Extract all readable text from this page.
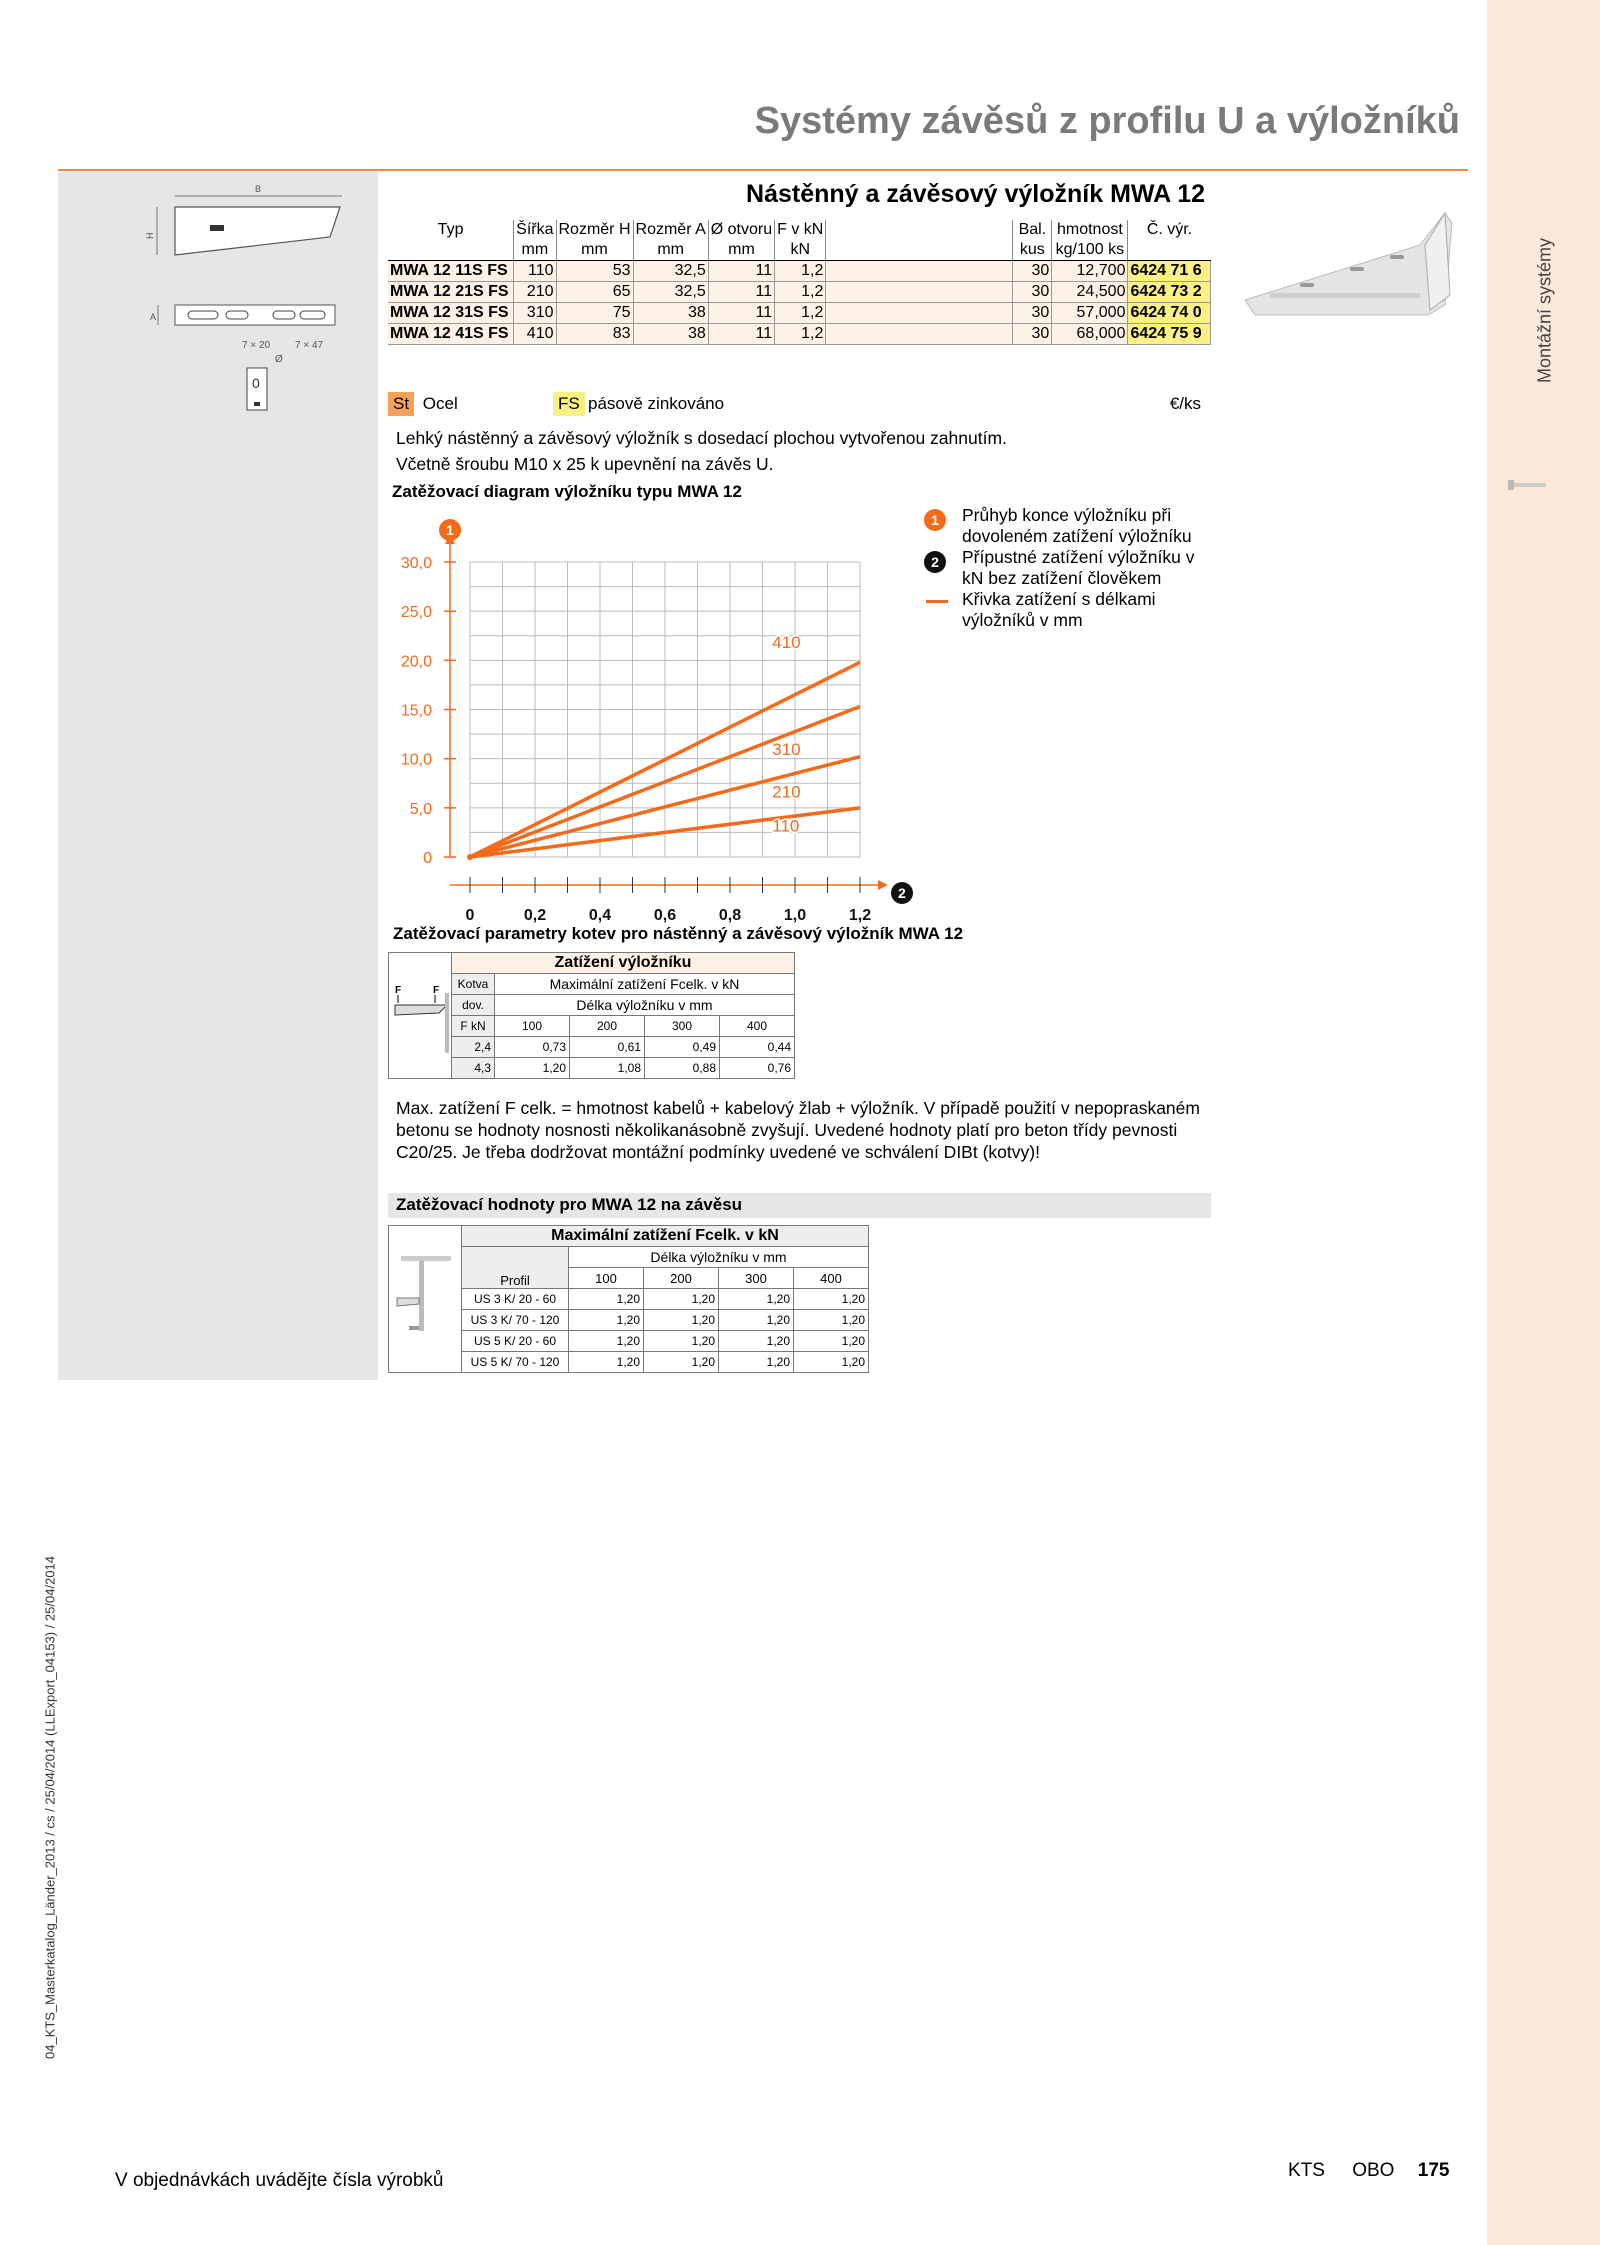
Montážní systémy
Systémy závěsů z profilu U a výložníků
B
H
A
7 × 20 7 × 47
Ø
0
Nástěnný a závěsový výložník MWA 12
Typ	Šířka	Rozměr H	Rozměr A	Ø otvoru	F v kN		Bal.	hmotnost	Č. výr.
	mm	mm	mm	mm	kN		kus	kg/100 ks	
MWA 12 11S FS	110	53	32,5	11	1,2		30	12,700	6424 71 6
MWA 12 21S FS	210	65	32,5	11	1,2		30	24,500	6424 73 2
MWA 12 31S FS	310	75	38	11	1,2		30	57,000	6424 74 0
MWA 12 41S FS	410	83	38	11	1,2		30	68,000	6424 75 9
St Ocel	FS pásově zinkováno	€/ks
Lehký nástěnný a závěsový výložník s dosedací plochou vytvořenou zahnutím.
Včetně šroubu M10 x 25 k upevnění na závěs U.
Zatěžovací diagram výložníku typu MWA 12
1
0
5,0
10,0
15,0
20,0
25,0
30,0
2
0	0,2	0,4	0,6	0,8	1,0	1,2
410
310
210
110
1	Průhyb konce výložníku při dovoleném zatížení výložníku
2	Přípustné zatížení výložníku v kN bez zatížení člověkem
Křivka zatížení s délkami výložníků v mm
Zatěžovací parametry kotev pro nástěnný a závěsový výložník MWA 12
F F	Zatížení výložníku				
	Kotva	Maximální zatížení Fcelk. v kN			
	dov.	Délka výložníku v mm			
	F kN	100	200	300	400
	2,4	0,73	0,61	0,49	0,44
	4,3	1,20	1,08	0,88	0,76
Max. zatížení F celk. = hmotnost kabelů + kabelový žlab + výložník. V případě použití v nepopraskaném betonu se hodnoty nosnosti několikanásobně zvyšují. Uvedené hodnoty platí pro beton třídy pevnosti C20/25. Je třeba dodržovat montážní podmínky uvedené ve schválení DIBt (kotvy)!
Zatěžovací hodnoty pro MWA 12 na závěsu
	Maximální zatížení Fcelk. v kN				
	Profil	Délka výložníku v mm			
		100	200	300	400
	US 3 K/ 20 - 60	1,20	1,20	1,20	1,20
	US 3 K/ 70 - 120	1,20	1,20	1,20	1,20
	US 5 K/ 20 - 60	1,20	1,20	1,20	1,20
	US 5 K/ 70 - 120	1,20	1,20	1,20	1,20
04_KTS_Masterkatalog_Länder_2013 / cs / 25/04/2014 (LLExport_04153) / 25/04/2014
V objednávkách uvádějte čísla výrobků	KTS OBO 175
